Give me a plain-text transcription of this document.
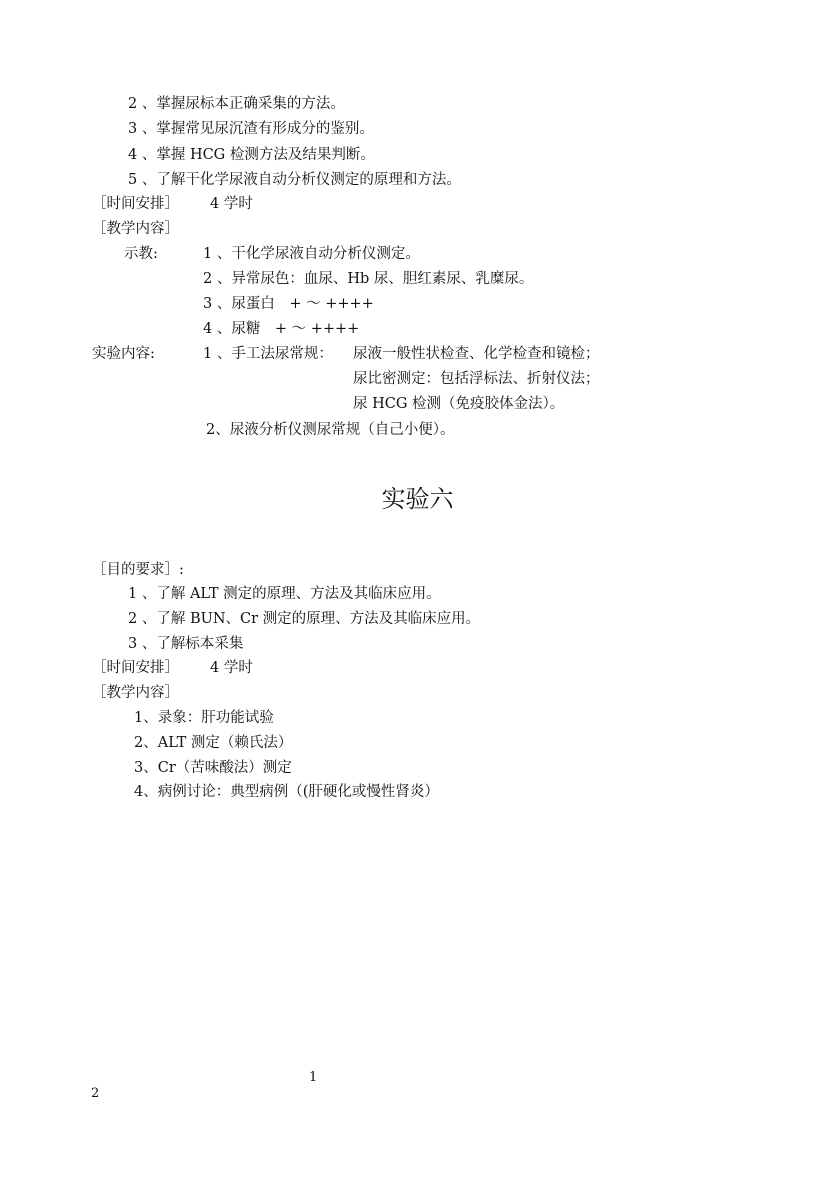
2 、掌握尿标本正确采集的方法。
3 、掌握常见尿沉渣有形成分的鉴别。
4 、掌握 HCG 检测方法及结果判断。
5 、了解干化学尿液自动分析仪测定的原理和方法。
［时间安排］ 4 学时
［教学内容］
示教:	1 、干化学尿液自动分析仪测定。
2 、异常尿色：血尿、Hb 尿、胆红素尿、乳糜尿。
3 、尿蛋白　+ ～ ++++
4 、尿糖　+ ～ ++++
实验内容:	1 、手工法尿常规： 尿液一般性状检查、化学检查和镜检；
尿比密测定：包括浮标法、折射仪法；
尿 HCG 检测（免疫胶体金法）。
2、尿液分析仪测尿常规（自己小便）。
实验六
［目的要求］:
1 、了解 ALT 测定的原理、方法及其临床应用。
2 、了解 BUN、Cr 测定的原理、方法及其临床应用。
3 、了解标本采集
［时间安排］ 4 学时
［教学内容］
1、录象：肝功能试验
2、ALT 测定（赖氏法）
3、Cr（苦味酸法）测定
4、病例讨论：典型病例（(肝硬化或慢性肾炎）
1
2
